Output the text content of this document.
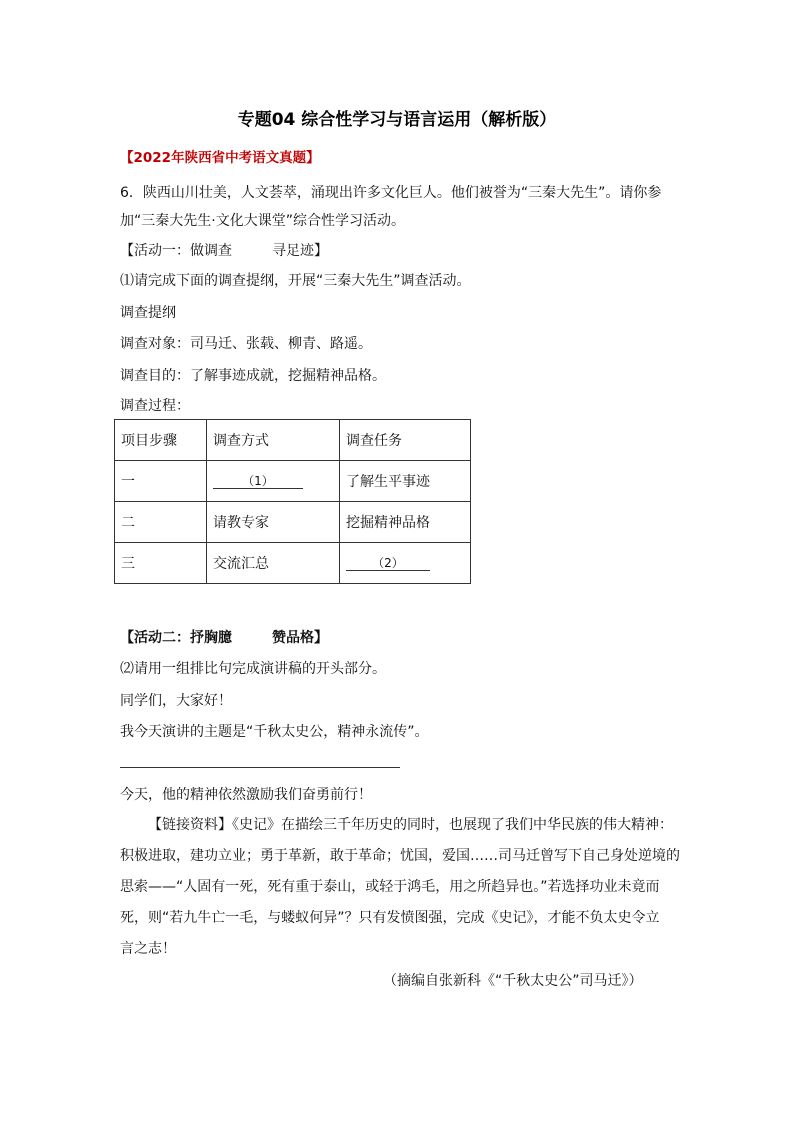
专题04 综合性学习与语言运用（解析版）
【2022年陕西省中考语文真题】
6．陕西山川壮美，人文荟萃，涌现出许多文化巨人。他们被誉为“三秦大先生”。请你参
加“三秦大先生·文化大课堂”综合性学习活动。
【活动一：做调查	寻足迹】
⑴请完成下面的调查提纲，开展“三秦大先生”调查活动。
调查提纲
调查对象：司马迁、张载、柳青、路遥。
调查目的：了解事迹成就，挖掘精神品格。
调查过程：
项目步骤	调查方式	调查任务
一	（1）	了解生平事迹
二	请教专家	挖掘精神品格
三	交流汇总	（2）
【活动二：抒胸臆	赞品格】
⑵请用一组排比句完成演讲稿的开头部分。
同学们，大家好！
我今天演讲的主题是“千秋太史公，精神永流传”。
今天，他的精神依然激励我们奋勇前行！
【链接资料】《史记》在描绘三千年历史的同时，也展现了我们中华民族的伟大精神：
积极进取，建功立业；勇于革新，敢于革命；忧国，爱国……司马迁曾写下自己身处逆境的
思索——“人固有一死，死有重于泰山，或轻于鸿毛，用之所趋异也。”若选择功业未竟而
死，则“若九牛亡一毛，与蝼蚁何异”？只有发愤图强，完成《史记》，才能不负太史令立
言之志！
（摘编自张新科《“千秋太史公”司马迁》）
